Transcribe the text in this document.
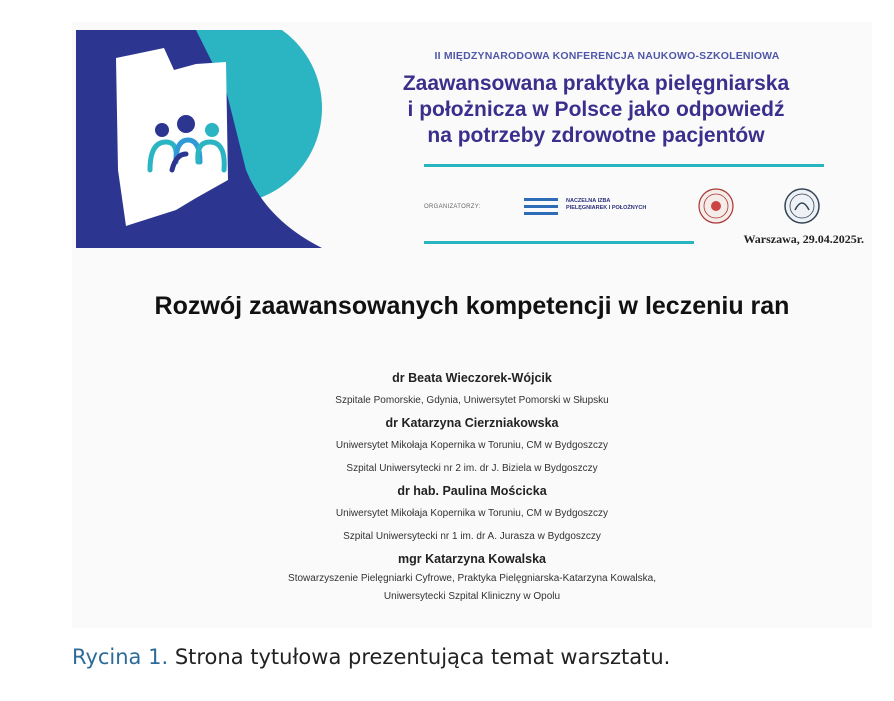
II MIĘDZYNARODOWA KONFERENCJA NAUKOWO-SZKOLENIOWA
Zaawansowana praktyka pielęgniarska
i położnicza w Polsce jako odpowiedź
na potrzeby zdrowotne pacjentów
ORGANIZATORZY:
NACZELNA IZBA
PIELĘGNIAREK I POŁOŻNYCH
Warszawa, 29.04.2025r.
Rozwój zaawansowanych kompetencji w leczeniu ran
dr Beata Wieczorek-Wójcik
Szpitale Pomorskie, Gdynia, Uniwersytet Pomorski w Słupsku
dr Katarzyna Cierzniakowska
Uniwersytet Mikołaja Kopernika w Toruniu, CM w Bydgoszczy
Szpital Uniwersytecki nr 2 im. dr J. Biziela w Bydgoszczy
dr hab. Paulina Mościcka
Uniwersytet Mikołaja Kopernika w Toruniu, CM w Bydgoszczy
Szpital Uniwersytecki nr 1 im. dr A. Jurasza w Bydgoszczy
mgr Katarzyna Kowalska
Stowarzyszenie Pielęgniarki Cyfrowe, Praktyka Pielęgniarska-Katarzyna Kowalska,
Uniwersytecki Szpital Kliniczny w Opolu
Rycina 1. Strona tytułowa prezentująca temat warsztatu.
